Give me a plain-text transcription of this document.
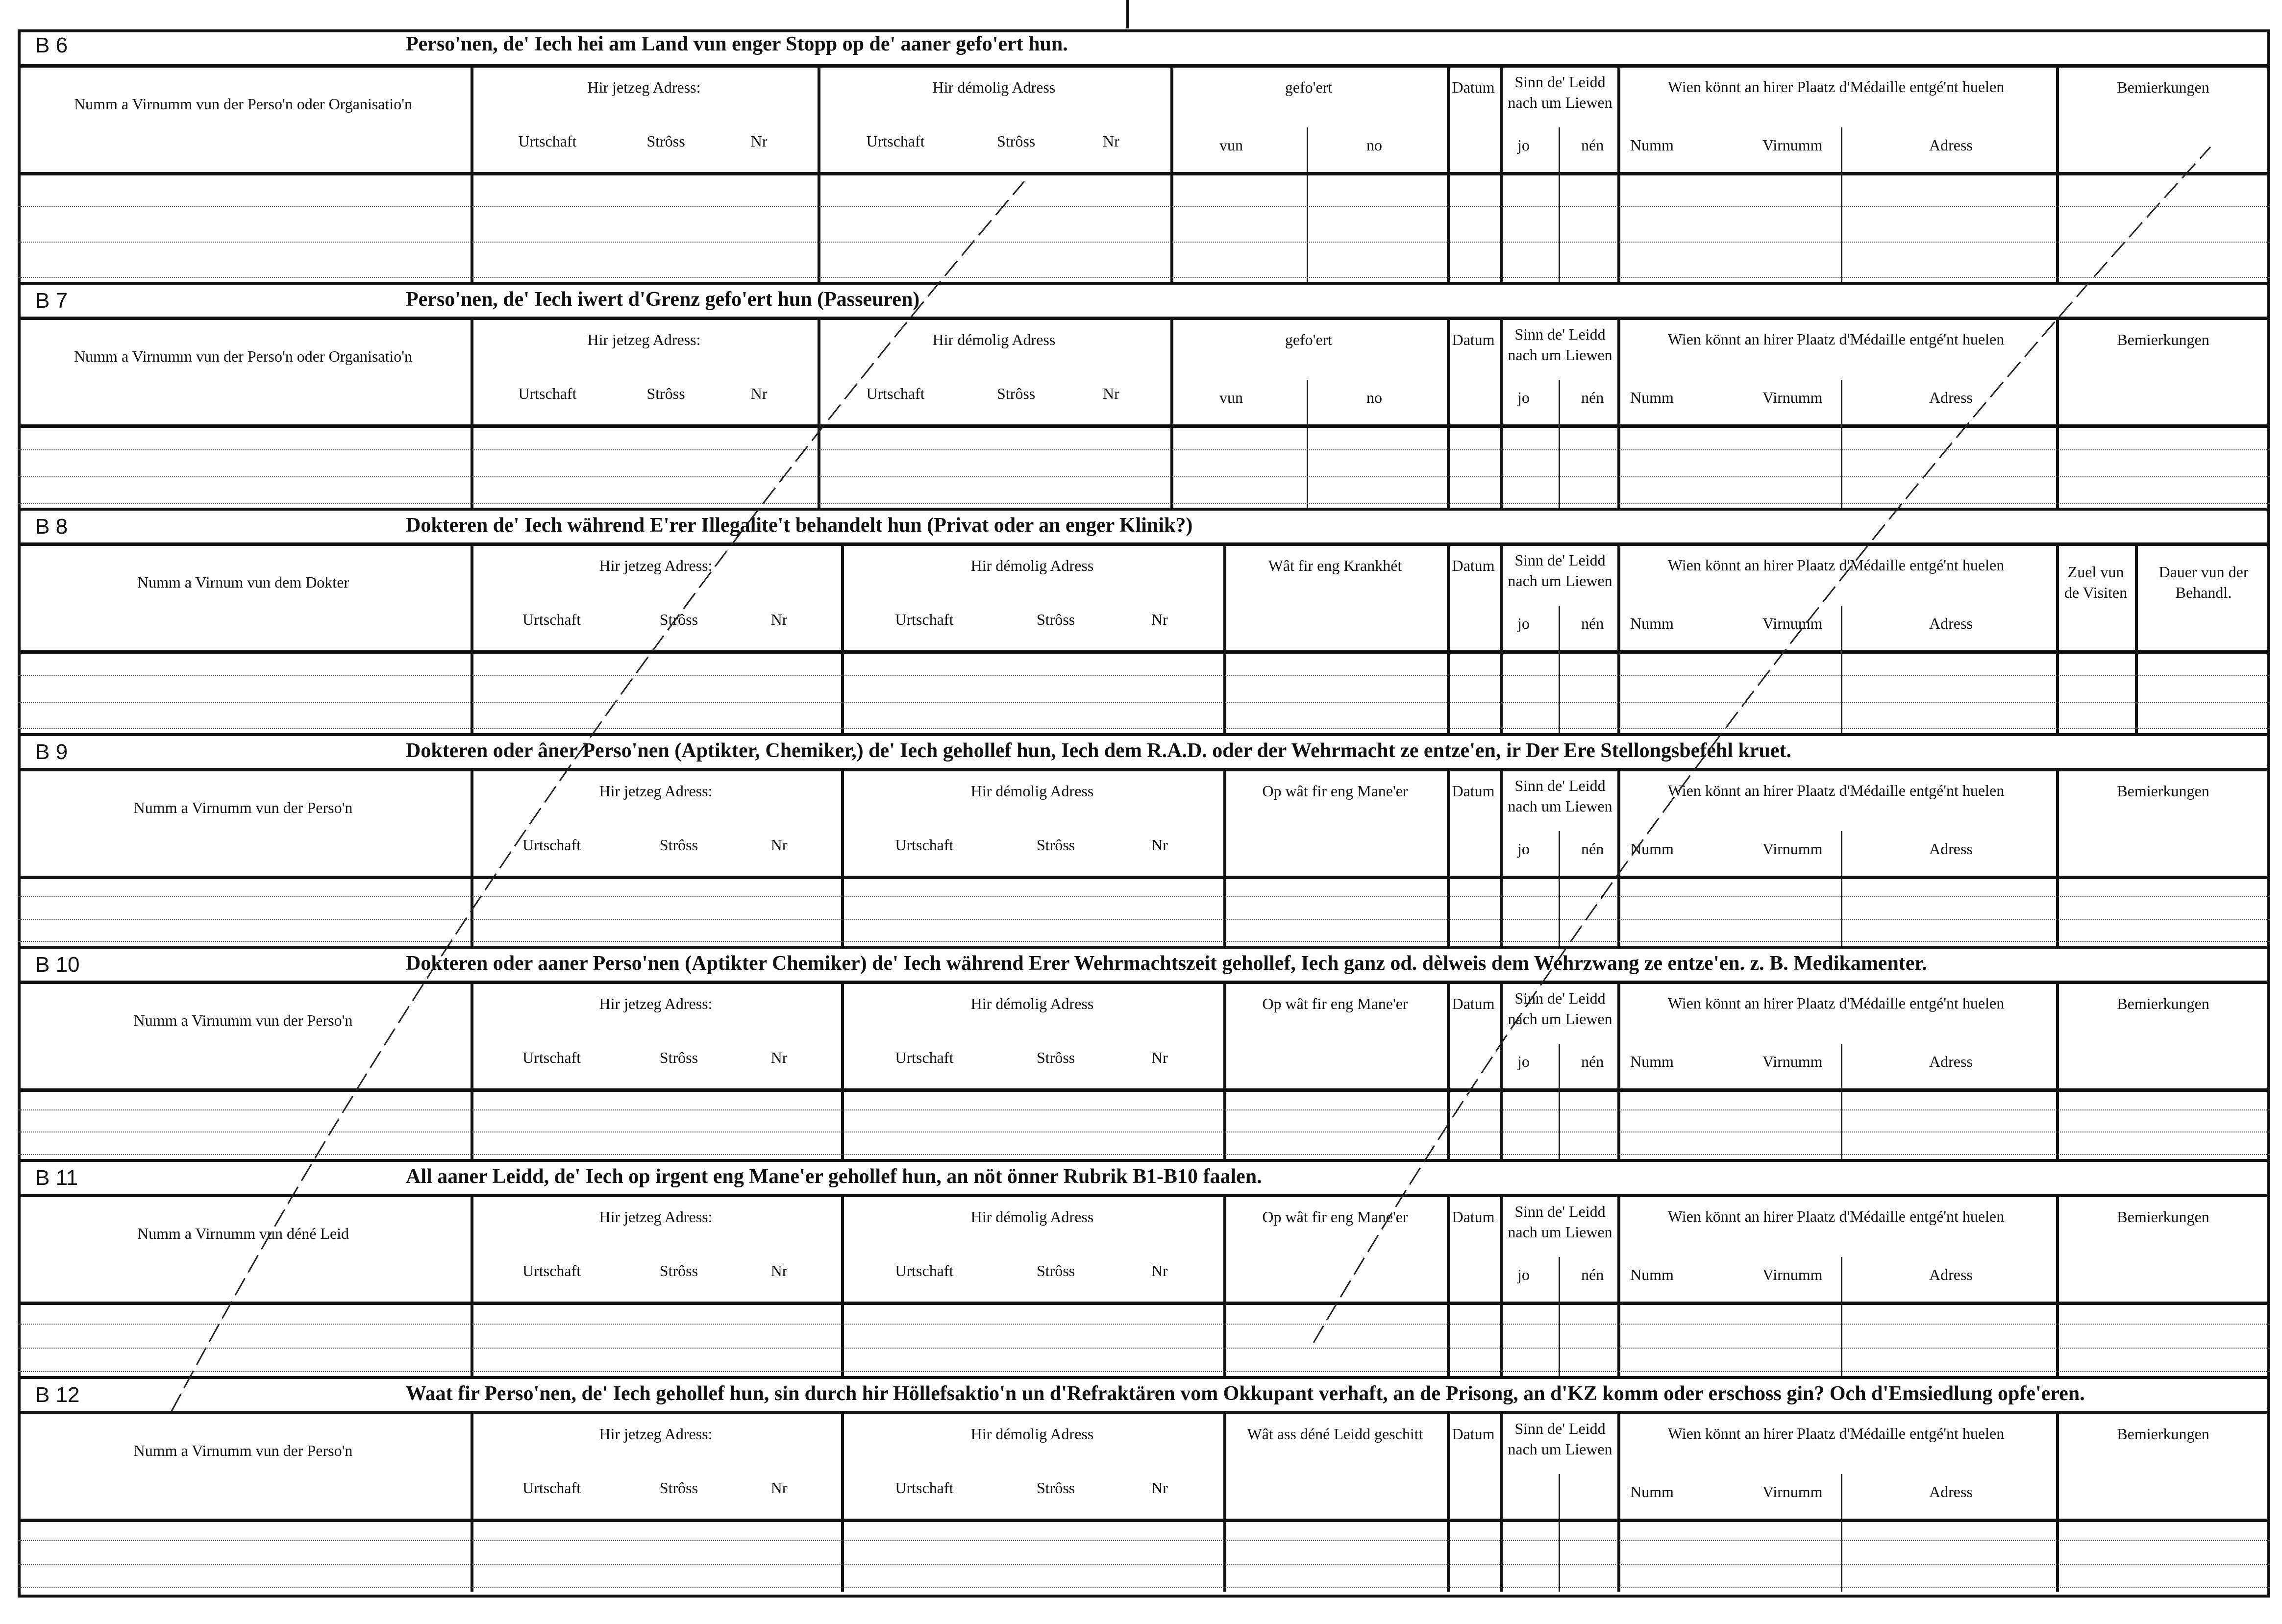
B 6	Perso'nen, de' Iech hei am Land vun enger Stopp op de' aaner gefo'ert hun.
Numm a Virnumm vun der Perso'n oder Organisatio'n
Hir jetzeg Adress:	Hir démolig Adress
Urtschaft	Strôss	Nr	Urtschaft	Strôss	Nr
gefo'ert
vun	no
Datum	Sinn de' Leidd nach um Liewen
jo	nén
Wien könnt an hirer Plaatz d'Médaille entgé'nt huelen
Numm	Virnumm	Adress
Bemierkungen
B 7	Perso'nen, de' Iech iwert d'Grenz gefo'ert hun (Passeuren)
Numm a Virnumm vun der Perso'n oder Organisatio'n
Hir jetzeg Adress:	Hir démolig Adress
Urtschaft	Strôss	Nr	Urtschaft	Strôss	Nr
gefo'ert
vun	no
Datum	Sinn de' Leidd nach um Liewen
jo	nén
Wien könnt an hirer Plaatz d'Médaille entgé'nt huelen
Numm	Virnumm	Adress
Bemierkungen
B 8	Dokteren de' Iech während E'rer Illegalite't behandelt hun (Privat oder an enger Klinik?)
Numm a Virnum vun dem Dokter
Hir jetzeg Adress:	Hir démolig Adress
Urtschaft	Strôss	Nr	Urtschaft	Strôss	Nr
Wât fir eng Krankhét	Datum	Sinn de' Leidd nach um Liewen
jo	nén
Wien könnt an hirer Plaatz d'Médaille entgé'nt huelen
Numm	Virnumm	Adress
Zuel vun de Visiten
Dauer vun der Behandl.
B 9	Dokteren oder âner Perso'nen (Aptikter, Chemiker,) de' Iech gehollef hun, Iech dem R.A.D. oder der Wehrmacht ze entze'en, ir Der Ere Stellongsbefehl kruet.
Numm a Virnumm vun der Perso'n
Hir jetzeg Adress:	Hir démolig Adress
Urtschaft	Strôss	Nr	Urtschaft	Strôss	Nr
Op wât fir eng Mane'er	Datum	Sinn de' Leidd nach um Liewen
jo	nén
Wien könnt an hirer Plaatz d'Médaille entgé'nt huelen
Numm	Virnumm	Adress
Bemierkungen
B 10	Dokteren oder aaner Perso'nen (Aptikter Chemiker) de' Iech während Erer Wehrmachtszeit gehollef, Iech ganz od. dèlweis dem Wehrzwang ze entze'en. z. B. Medikamenter.
Numm a Virnumm vun der Perso'n
Hir jetzeg Adress:	Hir démolig Adress
Urtschaft	Strôss	Nr	Urtschaft	Strôss	Nr
Op wât fir eng Mane'er	Datum	Sinn de' Leidd nach um Liewen
jo	nén
Wien könnt an hirer Plaatz d'Médaille entgé'nt huelen
Numm	Virnumm	Adress
Bemierkungen
B 11	All aaner Leidd, de' Iech op irgent eng Mane'er gehollef hun, an nöt önner Rubrik B1-B10 faalen.
Numm a Virnumm vun déné Leid
Hir jetzeg Adress:	Hir démolig Adress
Urtschaft	Strôss	Nr	Urtschaft	Strôss	Nr
Op wât fir eng Mane'er	Datum	Sinn de' Leidd nach um Liewen
jo	nén
Wien könnt an hirer Plaatz d'Médaille entgé'nt huelen
Numm	Virnumm	Adress
Bemierkungen
B 12	Waat fir Perso'nen, de' Iech gehollef hun, sin durch hir Höllefsaktio'n un d'Refraktären vom Okkupant verhaft, an de Prisong, an d'KZ komm oder erschoss gin? Och d'Emsiedlung opfe'eren.
Numm a Virnumm vun der Perso'n
Hir jetzeg Adress:	Hir démolig Adress
Urtschaft	Strôss	Nr	Urtschaft	Strôss	Nr
Wât ass déné Leidd geschitt	Datum	Sinn de' Leidd nach um Liewen
Wien könnt an hirer Plaatz d'Médaille entgé'nt huelen
Numm	Virnumm	Adress
Bemierkungen
